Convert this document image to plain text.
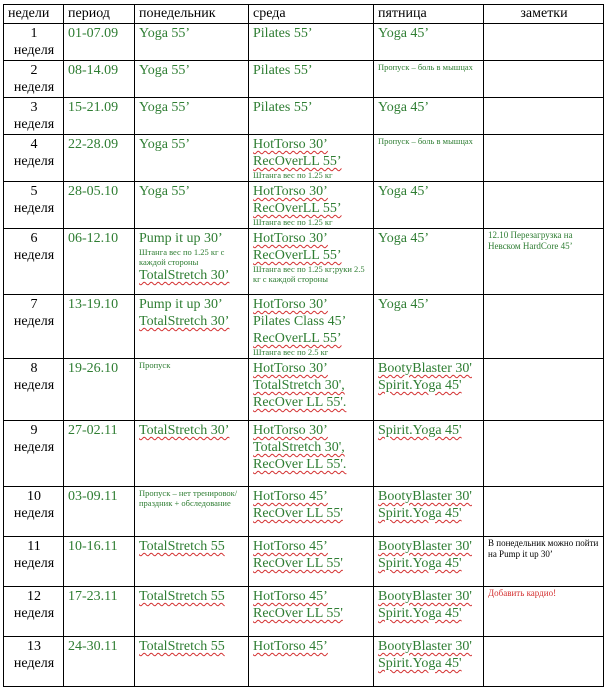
недели	период	понедельник	среда	пятница	заметки

1
неделя	01-07.09	Yoga 55’	Pilates 55’	Yoga 45’	

2
неделя	08-14.09	Yoga 55’	Pilates 55’	Пропуск – боль в мышцах	

3
неделя	15-21.09	Yoga 55’	Pilates 55’	Yoga 45’	

4
неделя	22-28.09	Yoga 55’	HotTorso 30’
RecOverLL 55’
Штанга вес по 1.25 кг	Пропуск – боль в мышцах	

5
неделя	28-05.10	Yoga 55’	HotTorso 30’
RecOverLL 55’
Штанга вес по 1.25 кг	Yoga 45’	

6
неделя	06-12.10	Pump it up 30’
Штанга вес по 1.25 кг с каждой стороны
TotalStretch 30’	HotTorso 30’
RecOverLL 55’
Штанга вес по 1.25 кг;руки 2.5 кг с каждой стороны	Yoga 45’	12.10 Перезагрузка на Невском HardCore 45’

7
неделя	13-19.10	Pump it up 30’
TotalStretch 30’	HotTorso 30’
Pilates Class 45’
RecOverLL 55’
Штанга вес по 2.5 кг	Yoga 45’	

8
неделя	19-26.10	Пропуск	HotTorso 30’
TotalStretch 30',
RecOver LL 55'.	BootyBlaster 30'
Spirit.Yoga 45'	

9
неделя	27-02.11	TotalStretch 30’	HotTorso 30’
TotalStretch 30',
RecOver LL 55'.	Spirit.Yoga 45'	

10
неделя	03-09.11	Пропуск – нет тренировок/праздник + обследование	HotTorso 45’
RecOver LL 55'	BootyBlaster 30'
Spirit.Yoga 45'	

11
неделя	10-16.11	TotalStretch 55	HotTorso 45’
RecOver LL 55'	BootyBlaster 30'
Spirit.Yoga 45'	В понедельник можно пойти на Pump it up 30’

12
неделя	17-23.11	TotalStretch 55	HotTorso 45’
RecOver LL 55'	BootyBlaster 30'
Spirit.Yoga 45'	Добавить кардио!

13
неделя	24-30.11	TotalStretch 55	HotTorso 45’	BootyBlaster 30'
Spirit.Yoga 45'	
